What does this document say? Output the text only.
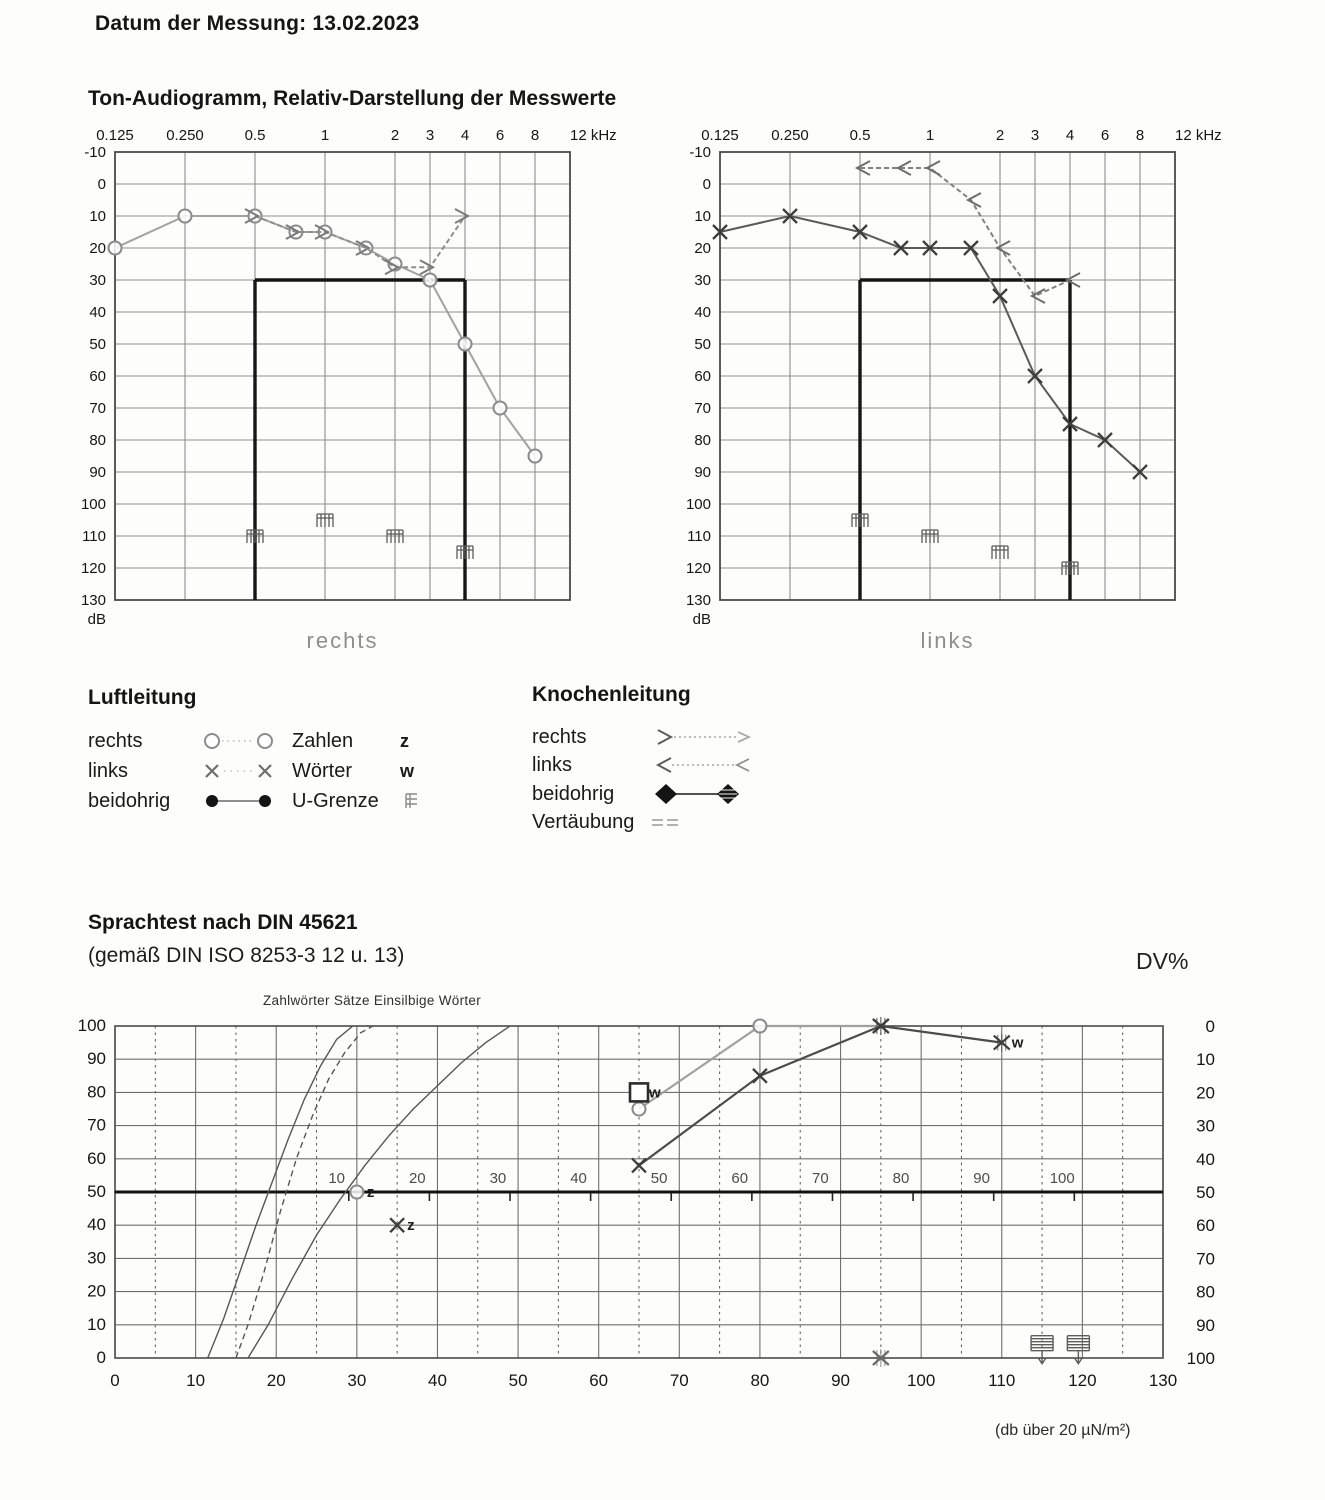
Datum der Messung: 13.02.2023
Ton-Audiogramm, Relativ-Darstellung der Messwerte
0.125 0.250	0.5	1	2 3 4 6 8 12 kHz
-10
0
10
20
30
40
50
60
70
80
90
100
110
120
130
dB
rechts
0.125 0.250	0.5	1	2 3 4 6 8 12 kHz
-10
0
10
20
30
40
50
60
70
80
90
100
110
120
130
dB
links
Luftleitung
rechts	Zahlen	z
links	Wörter	w
beidohrig	U-Grenze
Knochenleitung
rechts
links
beidohrig
Vertäubung
Sprachtest nach DIN 45621
(gemäß DIN ISO 8253-3 12 u. 13)	DV%
Zahlwörter Sätze Einsilbige Wörter
0	10	20	30	40	50	60	70	80	90	100	110	120	130
100
90
80
70
60
50
40
30
20
10
0
0
10
20
30
40
50
60
70
80
90
100
10	20	30	40	50	60	70	80	90	100
z
z
w
w
(db über 20 µN/m²)
